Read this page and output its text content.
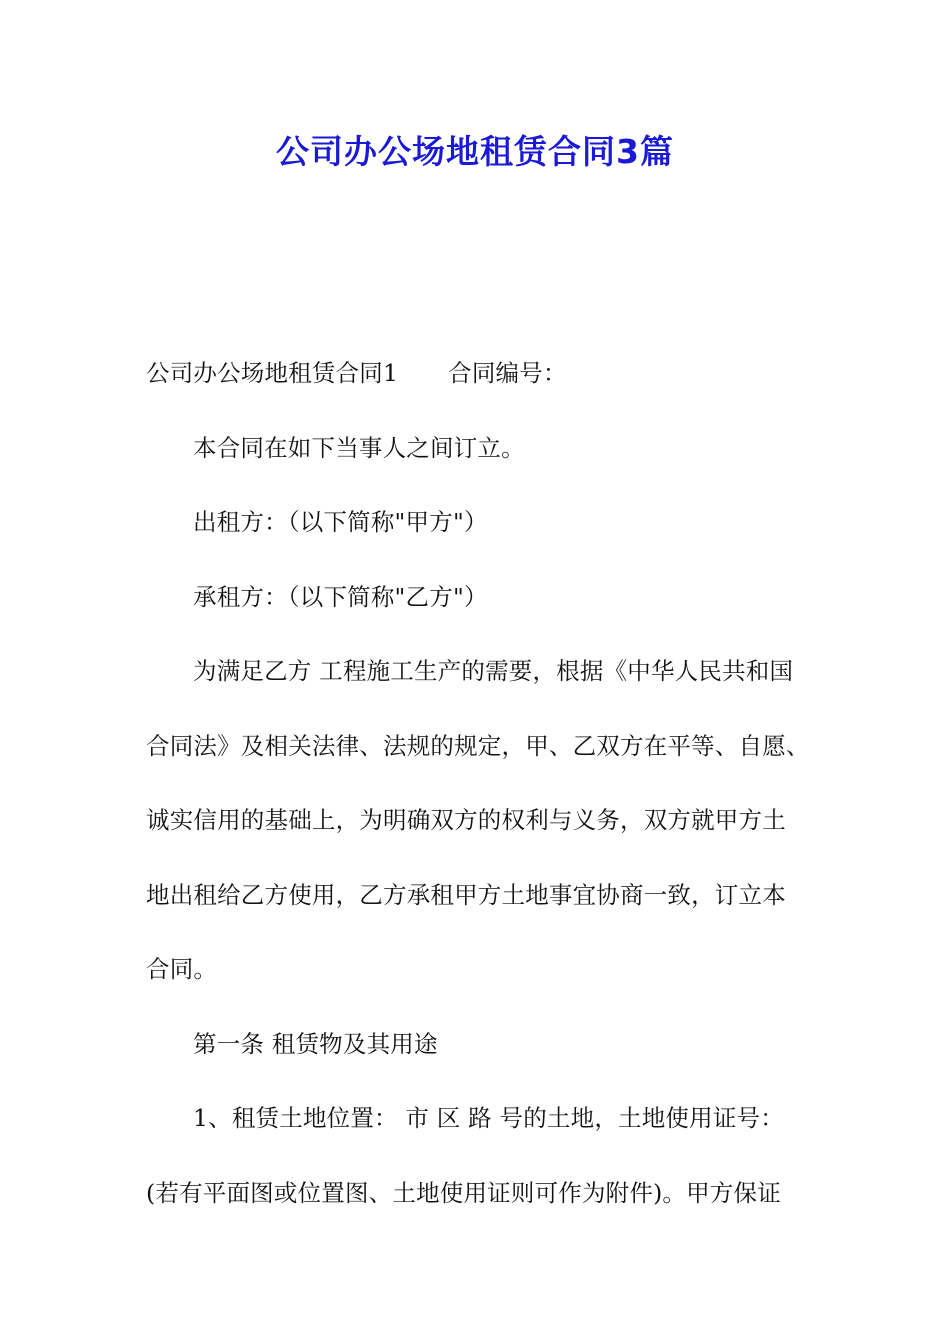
公司办公场地租赁合同3篇
公司办公场地租赁合同1 合同编号：
本合同在如下当事人之间订立。
出租方：（以下简称"甲方"）
承租方：（以下简称"乙方"）
为满足乙方 工程施工生产的需要，根据《中华人民共和国
合同法》及相关法律、法规的规定，甲、乙双方在平等、自愿、
诚实信用的基础上，为明确双方的权利与义务，双方就甲方土
地出租给乙方使用，乙方承租甲方土地事宜协商一致，订立本
合同。
第一条 租赁物及其用途
1、租赁土地位置： 市 区 路 号的土地，土地使用证号：
(若有平面图或位置图、土地使用证则可作为附件)。甲方保证
